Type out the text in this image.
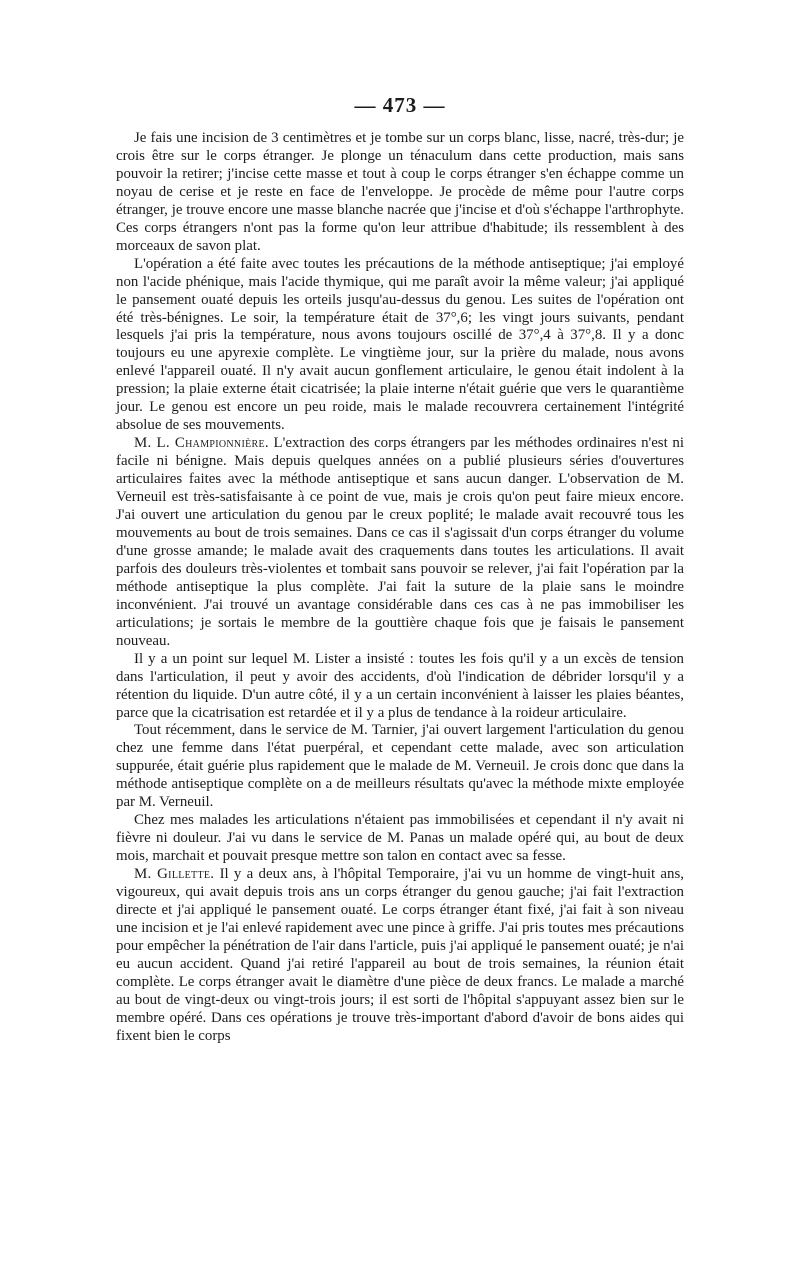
— 473 —

Je fais une incision de 3 centimètres et je tombe sur un corps blanc, lisse, nacré, très-dur; je crois être sur le corps étranger. Je plonge un ténaculum dans cette production, mais sans pouvoir la retirer; j'incise cette masse et tout à coup le corps étranger s'en échappe comme un noyau de cerise et je reste en face de l'enveloppe. Je procède de même pour l'autre corps étranger, je trouve encore une masse blanche nacrée que j'incise et d'où s'échappe l'arthrophyte. Ces corps étrangers n'ont pas la forme qu'on leur attribue d'habitude; ils ressemblent à des morceaux de savon plat.

L'opération a été faite avec toutes les précautions de la méthode antiseptique; j'ai employé non l'acide phénique, mais l'acide thymique, qui me paraît avoir la même valeur; j'ai appliqué le pansement ouaté depuis les orteils jusqu'au-dessus du genou. Les suites de l'opération ont été très-bénignes. Le soir, la température était de 37°,6; les vingt jours suivants, pendant lesquels j'ai pris la température, nous avons toujours oscillé de 37°,4 à 37°,8. Il y a donc toujours eu une apyrexie complète. Le vingtième jour, sur la prière du malade, nous avons enlevé l'appareil ouaté. Il n'y avait aucun gonflement articulaire, le genou était indolent à la pression; la plaie externe était cicatrisée; la plaie interne n'était guérie que vers le quarantième jour. Le genou est encore un peu roide, mais le malade recouvrera certainement l'intégrité absolue de ses mouvements.

M. L. Championnière. L'extraction des corps étrangers par les méthodes ordinaires n'est ni facile ni bénigne. Mais depuis quelques années on a publié plusieurs séries d'ouvertures articulaires faites avec la méthode antiseptique et sans aucun danger. L'observation de M. Verneuil est très-satisfaisante à ce point de vue, mais je crois qu'on peut faire mieux encore. J'ai ouvert une articulation du genou par le creux poplité; le malade avait recouvré tous les mouvements au bout de trois semaines. Dans ce cas il s'agissait d'un corps étranger du volume d'une grosse amande; le malade avait des craquements dans toutes les articulations. Il avait parfois des douleurs très-violentes et tombait sans pouvoir se relever, j'ai fait l'opération par la méthode antiseptique la plus complète. J'ai fait la suture de la plaie sans le moindre inconvénient. J'ai trouvé un avantage considérable dans ces cas à ne pas immobiliser les articulations; je sortais le membre de la gouttière chaque fois que je faisais le pansement nouveau.

Il y a un point sur lequel M. Lister a insisté : toutes les fois qu'il y a un excès de tension dans l'articulation, il peut y avoir des accidents, d'où l'indication de débrider lorsqu'il y a rétention du liquide. D'un autre côté, il y a un certain inconvénient à laisser les plaies béantes, parce que la cicatrisation est retardée et il y a plus de tendance à la roideur articulaire.

Tout récemment, dans le service de M. Tarnier, j'ai ouvert largement l'articulation du genou chez une femme dans l'état puerpéral, et cependant cette malade, avec son articulation suppurée, était guérie plus rapidement que le malade de M. Verneuil. Je crois donc que dans la méthode antiseptique complète on a de meilleurs résultats qu'avec la méthode mixte employée par M. Verneuil.

Chez mes malades les articulations n'étaient pas immobilisées et cependant il n'y avait ni fièvre ni douleur. J'ai vu dans le service de M. Panas un malade opéré qui, au bout de deux mois, marchait et pouvait presque mettre son talon en contact avec sa fesse.

M. Gillette. Il y a deux ans, à l'hôpital Temporaire, j'ai vu un homme de vingt-huit ans, vigoureux, qui avait depuis trois ans un corps étranger du genou gauche; j'ai fait l'extraction directe et j'ai appliqué le pansement ouaté. Le corps étranger étant fixé, j'ai fait à son niveau une incision et je l'ai enlevé rapidement avec une pince à griffe. J'ai pris toutes mes précautions pour empêcher la pénétration de l'air dans l'article, puis j'ai appliqué le pansement ouaté; je n'ai eu aucun accident. Quand j'ai retiré l'appareil au bout de trois semaines, la réunion était complète. Le corps étranger avait le diamètre d'une pièce de deux francs. Le malade a marché au bout de vingt-deux ou vingt-trois jours; il est sorti de l'hôpital s'appuyant assez bien sur le membre opéré. Dans ces opérations je trouve très-important d'abord d'avoir de bons aides qui fixent bien le corps
